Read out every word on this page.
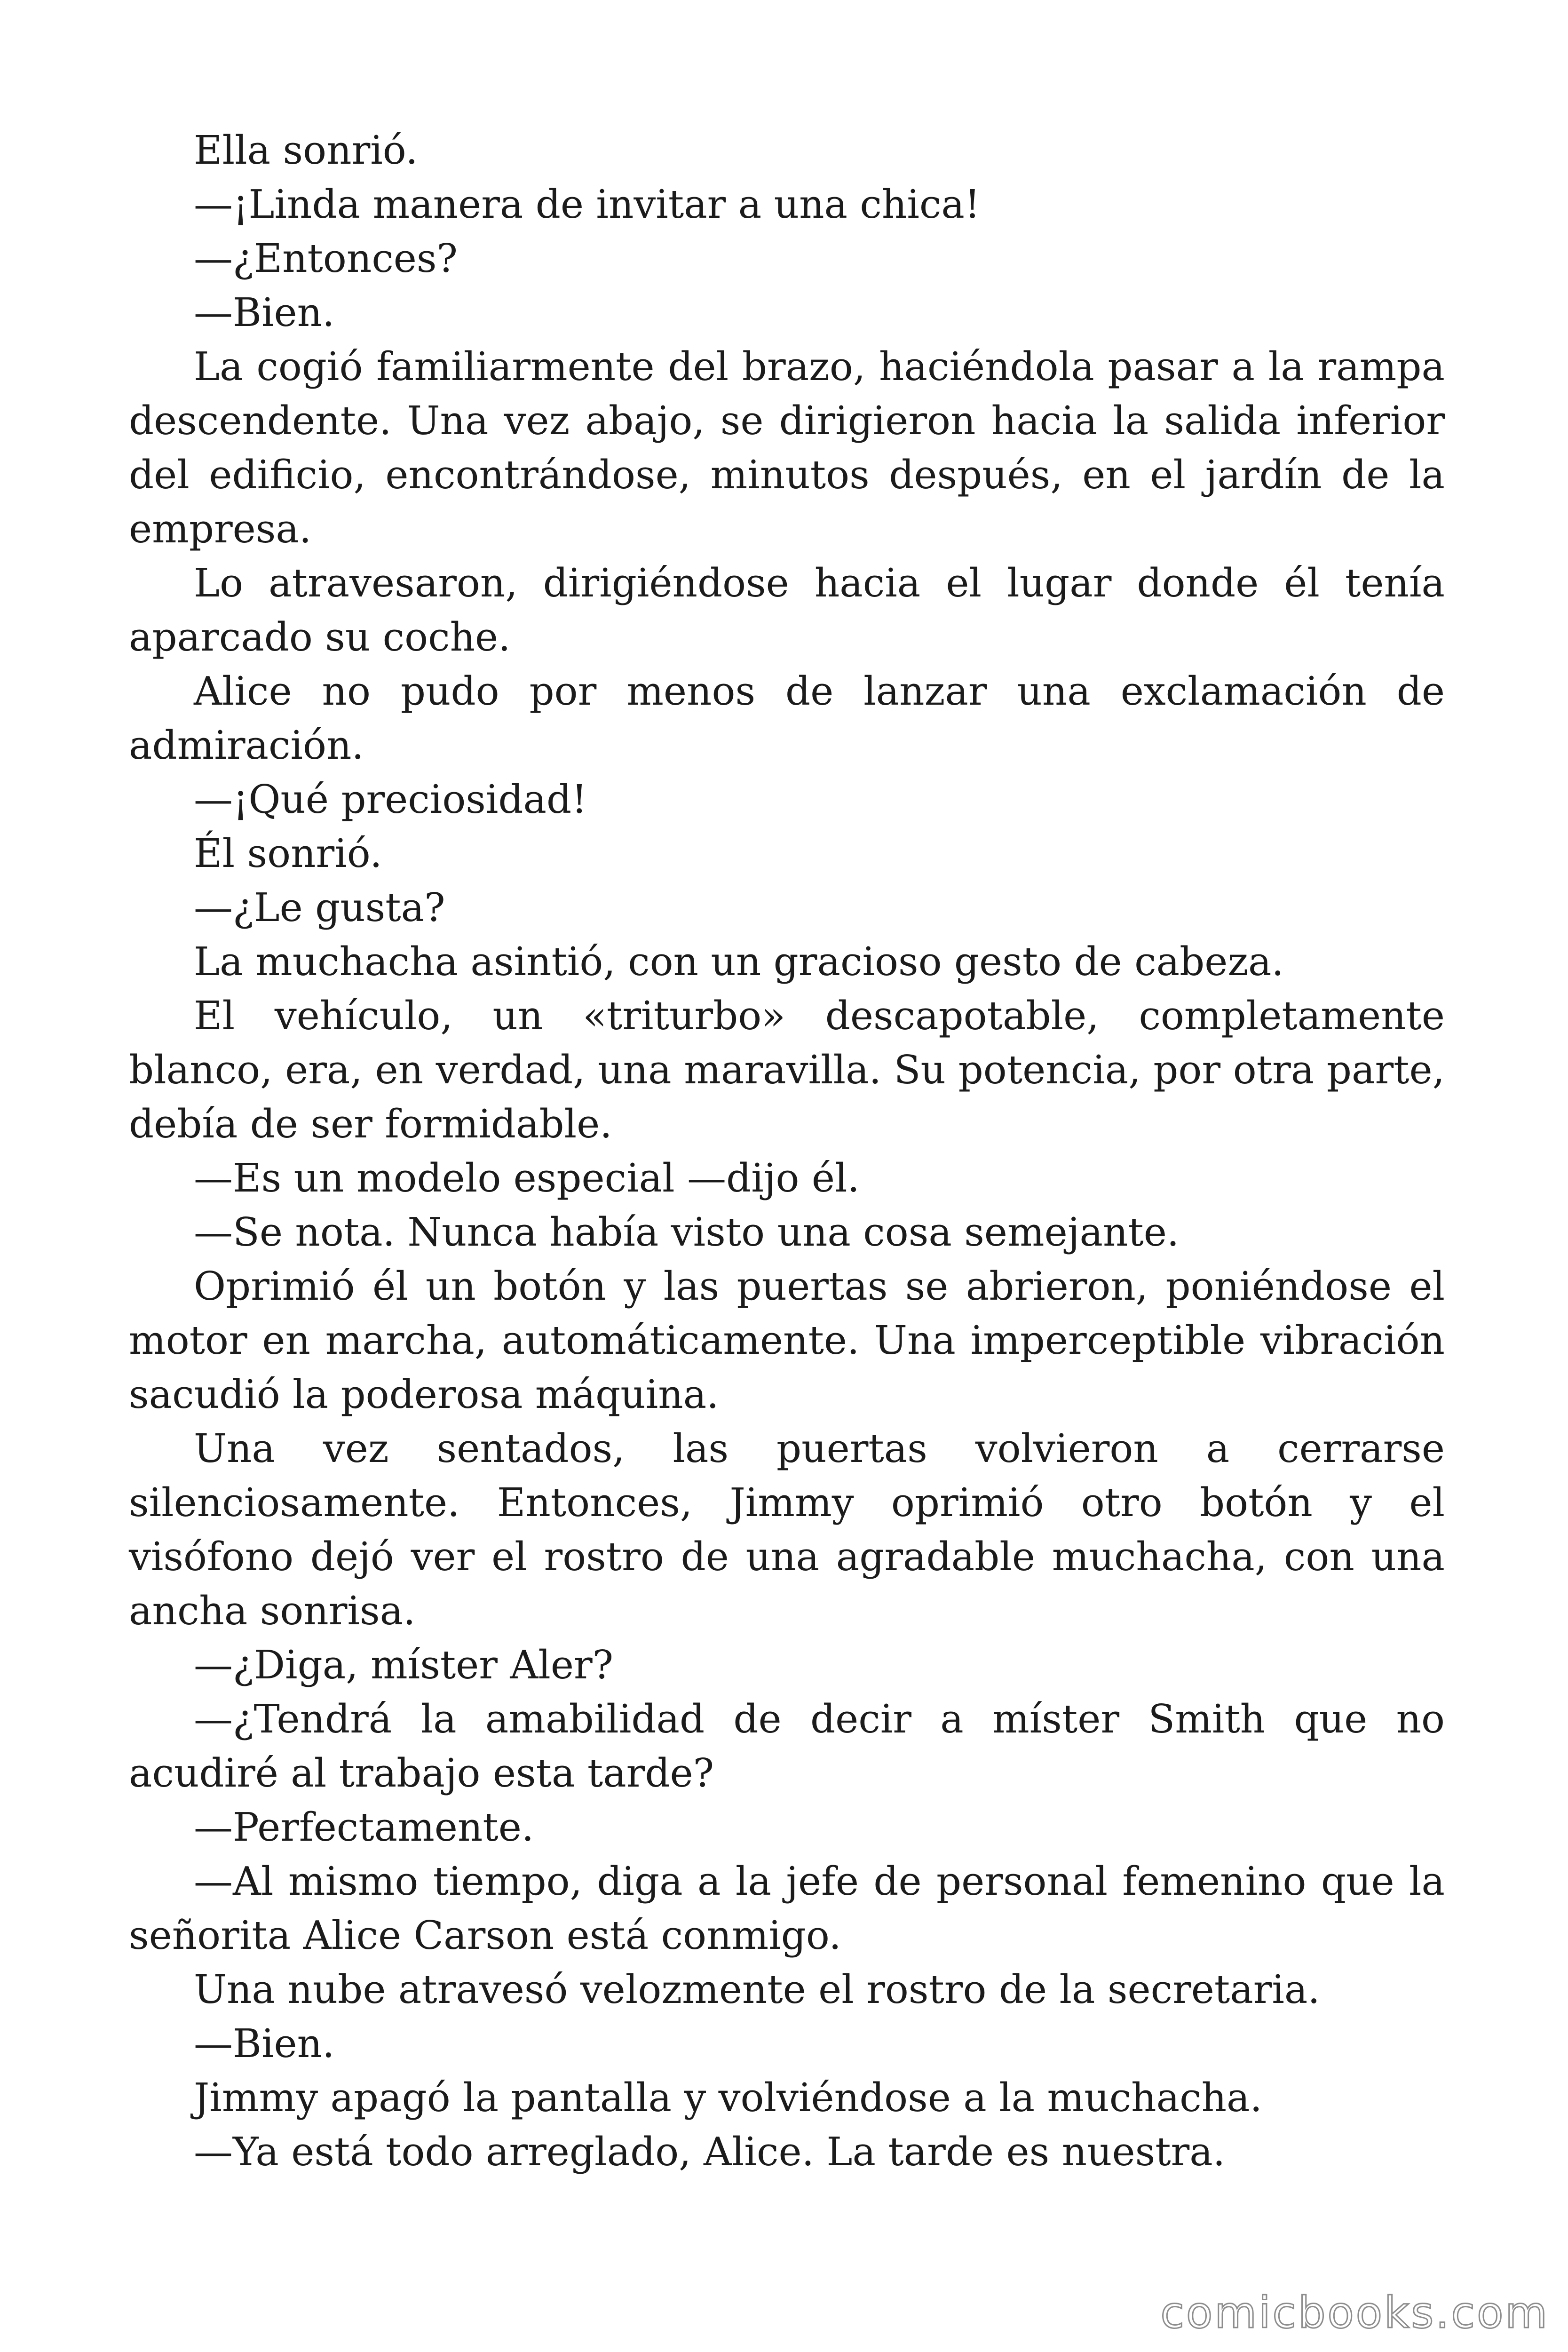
Ella sonrió.

—¡Linda manera de invitar a una chica!

—¿Entonces?

—Bien.

La cogió familiarmente del brazo, haciéndola pasar a la rampa descendente. Una vez abajo, se dirigieron hacia la salida inferior del edificio, encontrándose, minutos después, en el jardín de la empresa.

Lo atravesaron, dirigiéndose hacia el lugar donde él tenía aparcado su coche.

Alice no pudo por menos de lanzar una exclamación de admiración.

—¡Qué preciosidad!

Él sonrió.

—¿Le gusta?

La muchacha asintió, con un gracioso gesto de cabeza.

El vehículo, un «triturbo» descapotable, completamente blanco, era, en verdad, una maravilla. Su potencia, por otra parte, debía de ser formidable.

—Es un modelo especial —dijo él.

—Se nota. Nunca había visto una cosa semejante.

Oprimió él un botón y las puertas se abrieron, poniéndose el motor en marcha, automáticamente. Una imperceptible vibración sacudió la poderosa máquina.

Una vez sentados, las puertas volvieron a cerrarse silenciosamente. Entonces, Jimmy oprimió otro botón y el visófono dejó ver el rostro de una agradable muchacha, con una ancha sonrisa.

—¿Diga, míster Aler?

—¿Tendrá la amabilidad de decir a míster Smith que no acudiré al trabajo esta tarde?

—Perfectamente.

—Al mismo tiempo, diga a la jefe de personal femenino que la señorita Alice Carson está conmigo.

Una nube atravesó velozmente el rostro de la secretaria.

—Bien.

Jimmy apagó la pantalla y volviéndose a la muchacha.

—Ya está todo arreglado, Alice. La tarde es nuestra.

comicbooks.com
